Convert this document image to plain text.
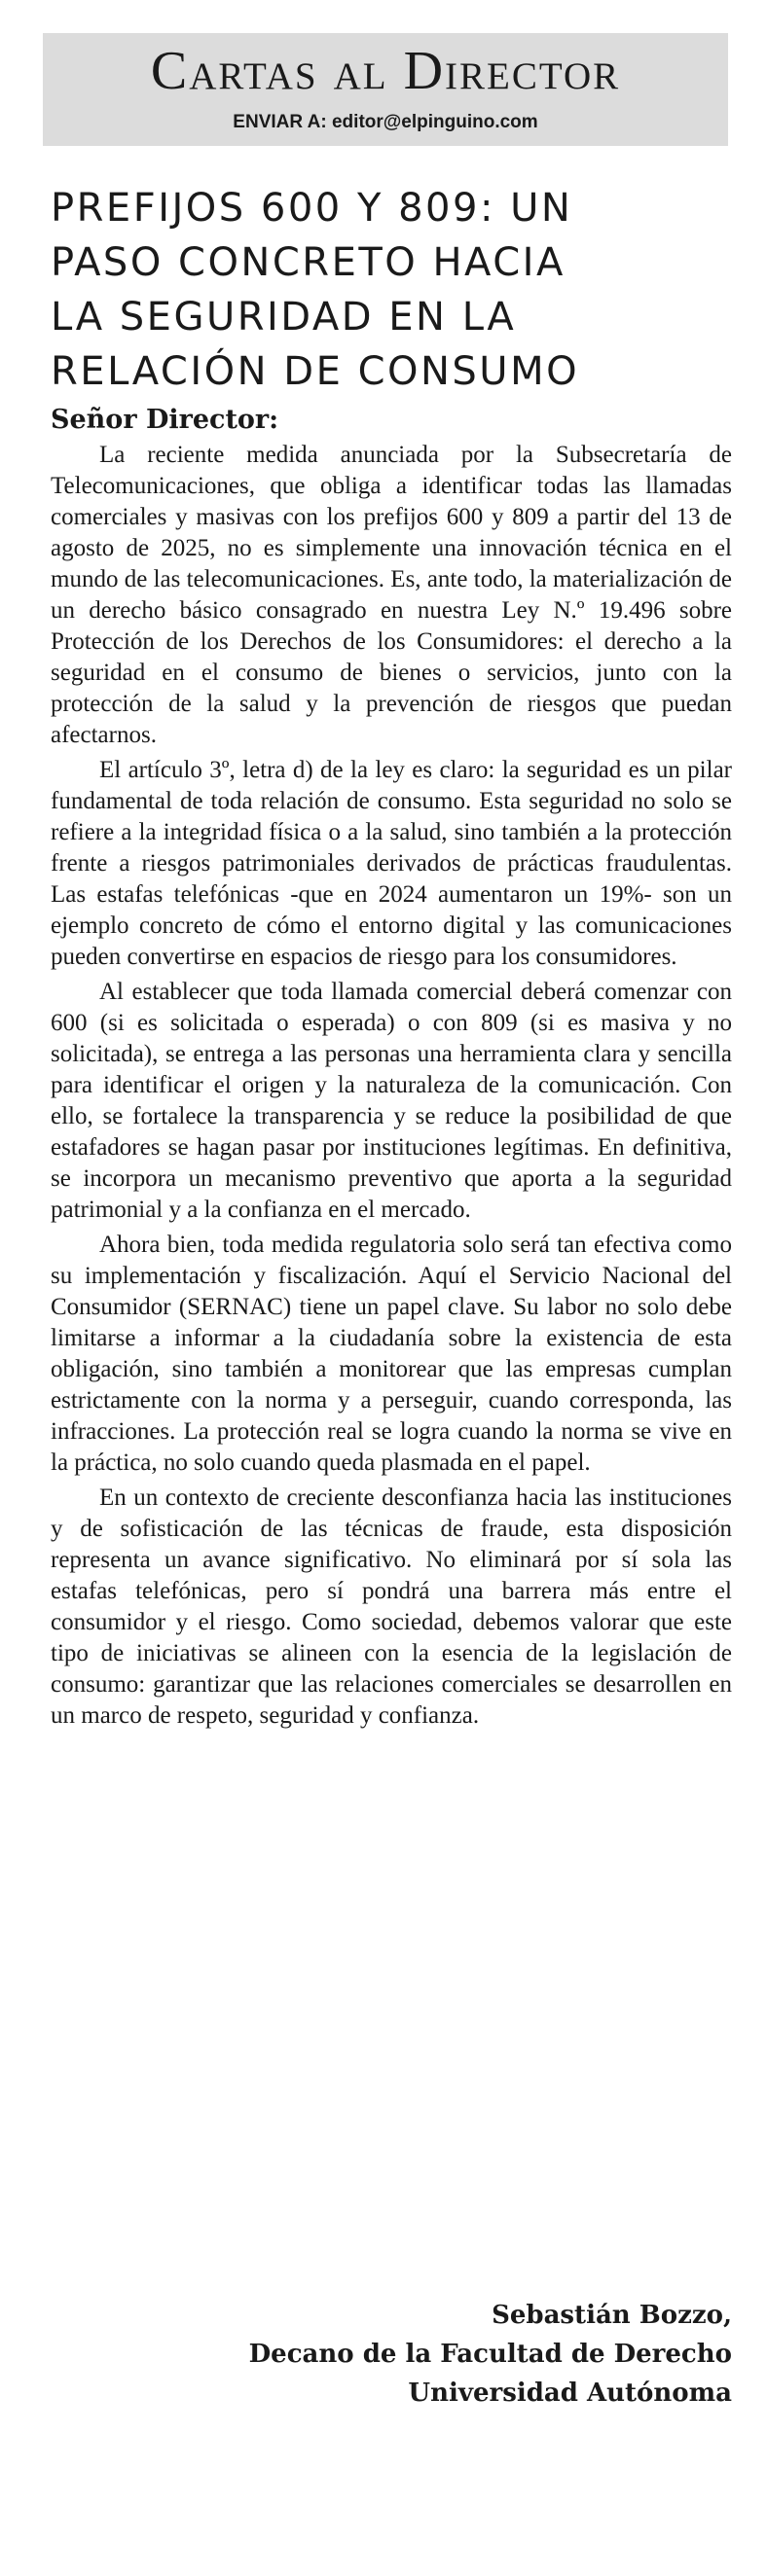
Cartas al Director
ENVIAR A: editor@elpinguino.com
PREFIJOS 600 Y 809: UN
PASO CONCRETO HACIA
LA SEGURIDAD EN LA
RELACIÓN DE CONSUMO
Señor Director:

La reciente medida anunciada por la Subsecretaría de Telecomunicaciones, que obliga a identificar todas las llamadas comerciales y masivas con los prefijos 600 y 809 a partir del 13 de agosto de 2025, no es simplemente una innovación técnica en el mundo de las telecomunicaciones. Es, ante todo, la materialización de un derecho básico consagrado en nuestra Ley N.º 19.496 sobre Protección de los Derechos de los Consumidores: el derecho a la seguridad en el consumo de bienes o servicios, junto con la protección de la salud y la prevención de riesgos que puedan afectarnos.

El artículo 3º, letra d) de la ley es claro: la seguridad es un pilar fundamental de toda relación de consumo. Esta seguridad no solo se refiere a la integridad física o a la salud, sino también a la protección frente a riesgos patrimoniales derivados de prácticas fraudulentas. Las estafas telefónicas -que en 2024 aumentaron un 19%- son un ejemplo concreto de cómo el entorno digital y las comunicaciones pueden convertirse en espacios de riesgo para los consumidores.

Al establecer que toda llamada comercial deberá comenzar con 600 (si es solicitada o esperada) o con 809 (si es masiva y no solicitada), se entrega a las personas una herramienta clara y sencilla para identificar el origen y la naturaleza de la comunicación. Con ello, se fortalece la transparencia y se reduce la posibilidad de que estafadores se hagan pasar por instituciones legítimas. En definitiva, se incorpora un mecanismo preventivo que aporta a la seguridad patrimonial y a la confianza en el mercado.

Ahora bien, toda medida regulatoria solo será tan efectiva como su implementación y fiscalización. Aquí el Servicio Nacional del Consumidor (SERNAC) tiene un papel clave. Su labor no solo debe limitarse a informar a la ciudadanía sobre la existencia de esta obligación, sino también a monitorear que las empresas cumplan estrictamente con la norma y a perseguir, cuando corresponda, las infracciones. La protección real se logra cuando la norma se vive en la práctica, no solo cuando queda plasmada en el papel.

En un contexto de creciente desconfianza hacia las instituciones y de sofisticación de las técnicas de fraude, esta disposición representa un avance significativo. No eliminará por sí sola las estafas telefónicas, pero sí pondrá una barrera más entre el consumidor y el riesgo. Como sociedad, debemos valorar que este tipo de iniciativas se alineen con la esencia de la legislación de consumo: garantizar que las relaciones comerciales se desarrollen en un marco de respeto, seguridad y confianza.

Sebastián Bozzo,
Decano de la Facultad de Derecho
Universidad Autónoma
